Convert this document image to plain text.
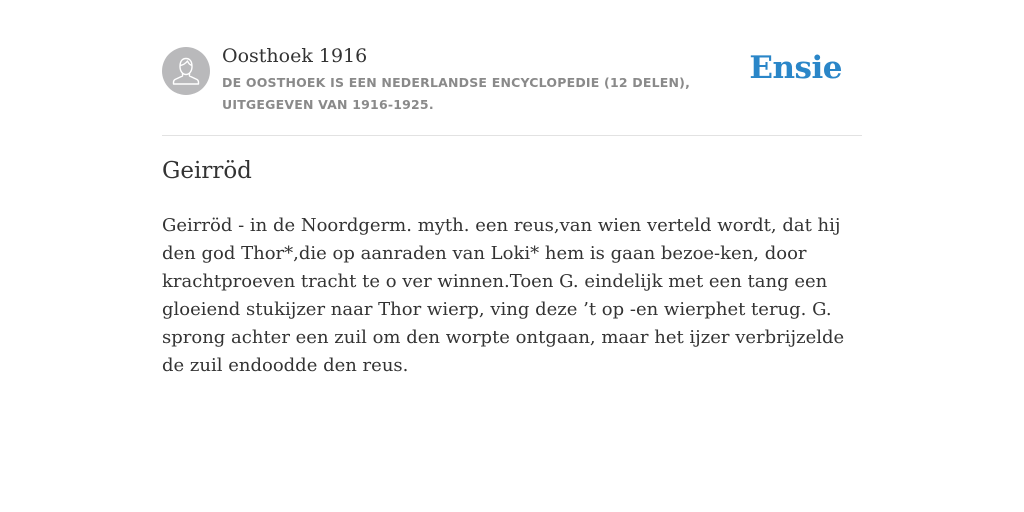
Oosthoek 1916
DE OOSTHOEK IS EEN NEDERLANDSE ENCYCLOPEDIE (12 DELEN), UITGEGEVEN VAN 1916-1925.
Ensie
Geirröd

Geirröd - in de Noordgerm. myth. een reus,van wien verteld wordt, dat hij den god Thor*,die op aanraden van Loki* hem is gaan bezoe-ken, door krachtproeven tracht te o ver winnen.Toen G. eindelijk met een tang een gloeiend stukijzer naar Thor wierp, ving deze ’t op -en wierphet terug. G. sprong achter een zuil om den worpte ontgaan, maar het ijzer verbrijzelde de zuil endoodde den reus.
